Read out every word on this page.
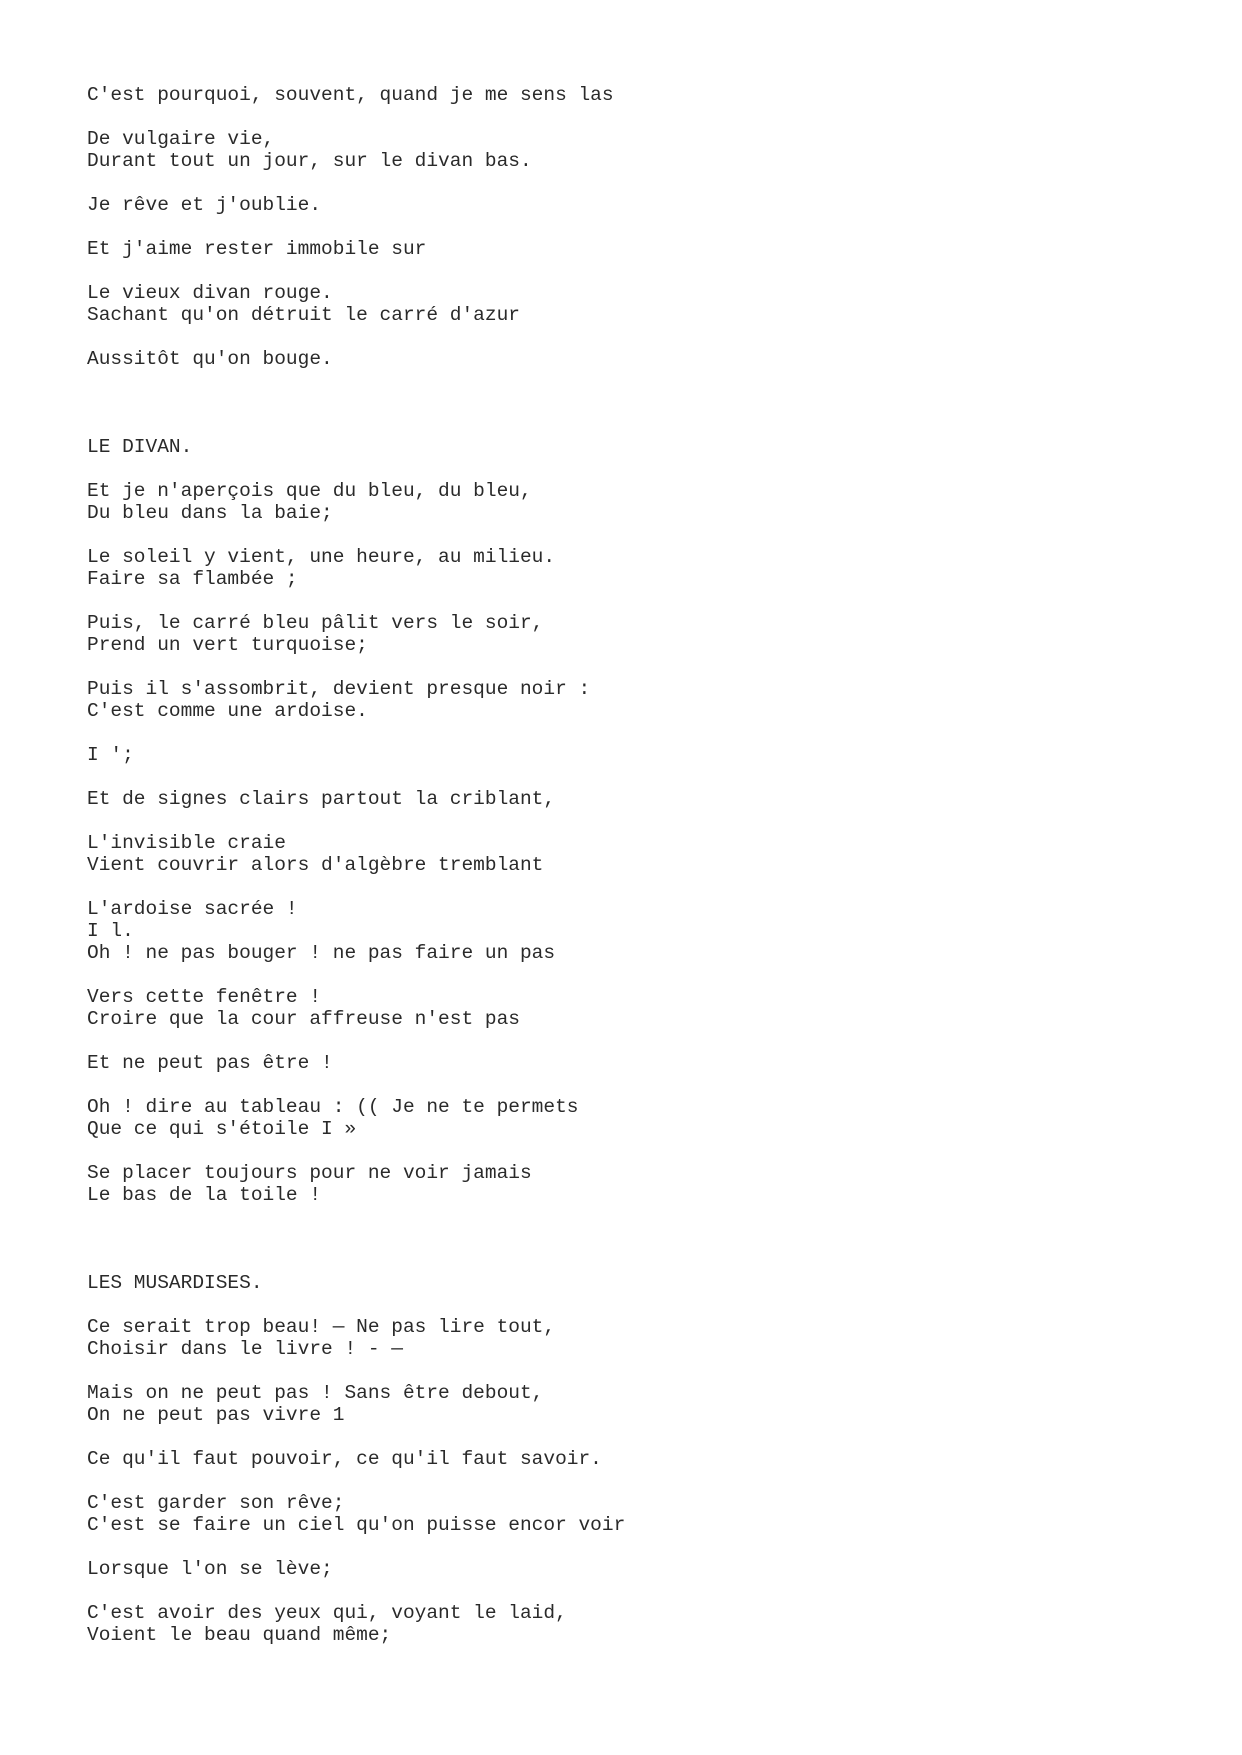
C'est pourquoi, souvent, quand je me sens las
De vulgaire vie,
Durant tout un jour, sur le divan bas.
Je rêve et j'oublie.
Et j'aime rester immobile sur
Le vieux divan rouge.
Sachant qu'on détruit le carré d'azur
Aussitôt qu'on bouge.
LE DIVAN.
Et je n'aperçois que du bleu, du bleu,
Du bleu dans la baie;
Le soleil y vient, une heure, au milieu.
Faire sa flambée ;
Puis, le carré bleu pâlit vers le soir,
Prend un vert turquoise;
Puis il s'assombrit, devient presque noir :
C'est comme une ardoise.
I ';
Et de signes clairs partout la criblant,
L'invisible craie
Vient couvrir alors d'algèbre tremblant
L'ardoise sacrée !
I l.
Oh ! ne pas bouger ! ne pas faire un pas
Vers cette fenêtre !
Croire que la cour affreuse n'est pas
Et ne peut pas être !
Oh ! dire au tableau : (( Je ne te permets
Que ce qui s'étoile I »
Se placer toujours pour ne voir jamais
Le bas de la toile !
LES MUSARDISES.
Ce serait trop beau! — Ne pas lire tout,
Choisir dans le livre ! - —
Mais on ne peut pas ! Sans être debout,
On ne peut pas vivre 1
Ce qu'il faut pouvoir, ce qu'il faut savoir.
C'est garder son rêve;
C'est se faire un ciel qu'on puisse encor voir
Lorsque l'on se lève;
C'est avoir des yeux qui, voyant le laid,
Voient le beau quand même;
